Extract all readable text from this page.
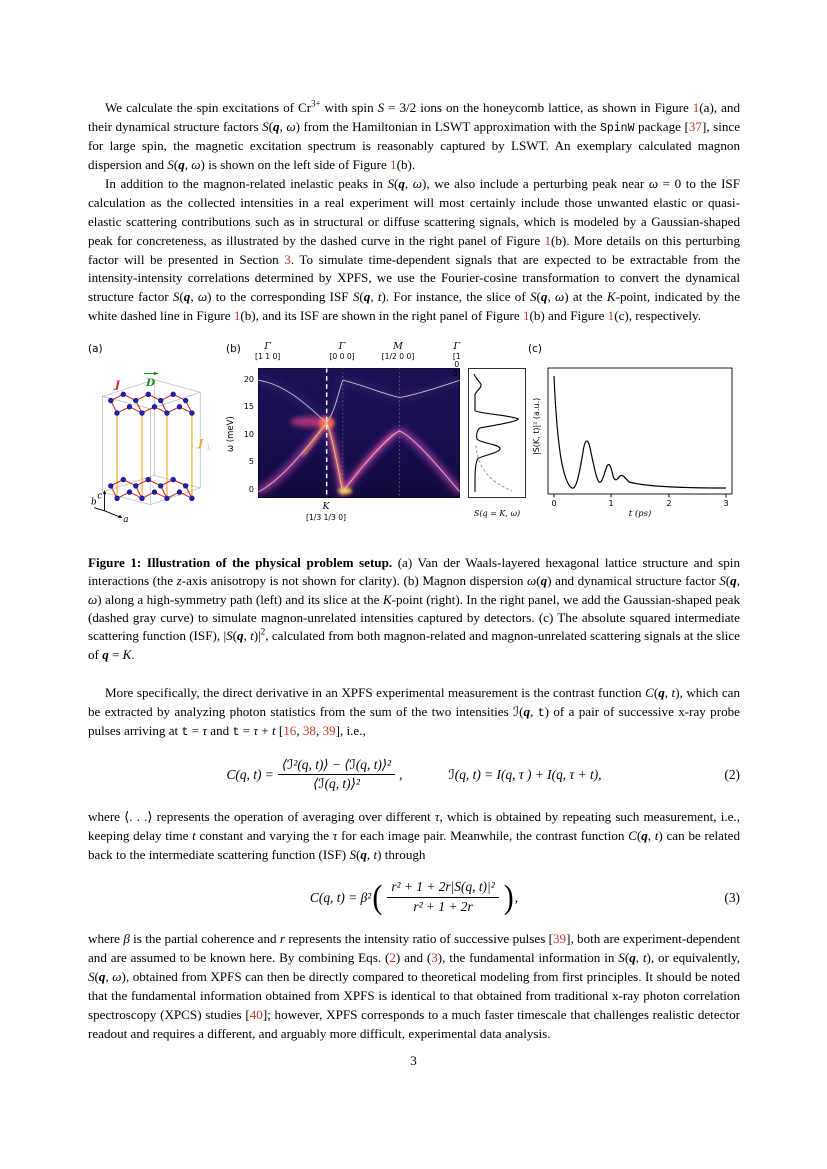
We calculate the spin excitations of $Cr^{3+}$ with spin S = 3/2 ions on the honeycomb lattice, as shown in Figure 1(a), and their dynamical structure factors S(q, ω) from the Hamiltonian in LSWT approximation with the SpinW package [37], since for large spin, the magnetic excitation spectrum is reasonably captured by LSWT. An exemplary calculated magnon dispersion and S(q, ω) is shown on the left side of Figure 1(b).

In addition to the magnon-related inelastic peaks in S(q, ω), we also include a perturbing peak near ω = 0 to the ISF calculation as the collected intensities in a real experiment will most certainly include those unwanted elastic or quasi-elastic scattering contributions such as in structural or diffuse scattering signals, which is modeled by a Gaussian-shaped peak for concreteness, as illustrated by the dashed curve in the right panel of Figure 1(b). More details on this perturbing factor will be presented in Section 3. To simulate time-dependent signals that are expected to be extractable from the intensity-intensity correlations determined by XPFS, we use the Fourier-cosine transformation to convert the dynamical structure factor S(q, ω) to the corresponding ISF S(q, t). For instance, the slice of S(q, ω) at the K-point, indicated by the white dashed line in Figure 1(b), and its ISF are shown in the right panel of Figure 1(b) and Figure 1(c), respectively.

(a)
J	D
J ⊥
c
b
a
(b)
ω (meV)
20
15
10
5
0
Γ
[1 1 0]
Γ
[0 0 0]
M
[1/2 0 0]
Γ
[1 0 0]
K
[1/3 1/3 0]	S(q = K, ω)
(c)
|S(K, t)|² (a.u.)
0	1	2	3
t (ps)

Figure 1: Illustration of the physical problem setup. (a) Van der Waals-layered hexagonal lattice structure and spin interactions (the z-axis anisotropy is not shown for clarity). (b) Magnon dispersion ω(q) and dynamical structure factor S(q, ω) along a high-symmetry path (left) and its slice at the K-point (right). In the right panel, we add the Gaussian-shaped peak (dashed gray curve) to simulate magnon-unrelated intensities captured by detectors. (c) The absolute squared intermediate scattering function (ISF), |S(q, $t)|^2$, calculated from both magnon-related and magnon-unrelated scattering signals at the slice of q = K.

More specifically, the direct derivative in an XPFS experimental measurement is the contrast function C(q, t), which can be extracted by analyzing photon statistics from the sum of the two intensities ℐ(q, t) of a pair of successive x-ray probe pulses arriving at t = τ and t = τ + t [16, 38, 39], i.e.,

C(q, $t) = \frac{\text{⟨ℐ²(q, t)⟩ − ⟨ℐ(q, t)⟩²}}{\text{⟨ℐ(q, t)⟩²}}$ ,	ℐ(q, t) = I(q, τ ) + I(q, τ + t),	(2)

where ⟨. . .⟩ represents the operation of averaging over different τ, which is obtained by repeating such measurement, i.e., keeping delay time t constant and varying the τ for each image pair. Meanwhile, the contrast function C(q, t) can be related back to the intermediate scattering function (ISF) S(q, t) through

C(q, t) = β² ( $\frac{\text{r² + 1 + 2r|S(q, t)|²}}{\text{r² + 1 + 2r}}$ ) ,	(3)

where β is the partial coherence and r represents the intensity ratio of successive pulses [39], both are experiment-dependent and are assumed to be known here. By combining Eqs. (2) and (3), the fundamental information in S(q, t), or equivalently, S(q, ω), obtained from XPFS can then be directly compared to theoretical modeling from first principles. It should be noted that the fundamental information obtained from XPFS is identical to that obtained from traditional x-ray photon correlation spectroscopy (XPCS) studies [40]; however, XPFS corresponds to a much faster timescale that challenges realistic detector readout and requires a different, and arguably more difficult, experimental data analysis.

3
